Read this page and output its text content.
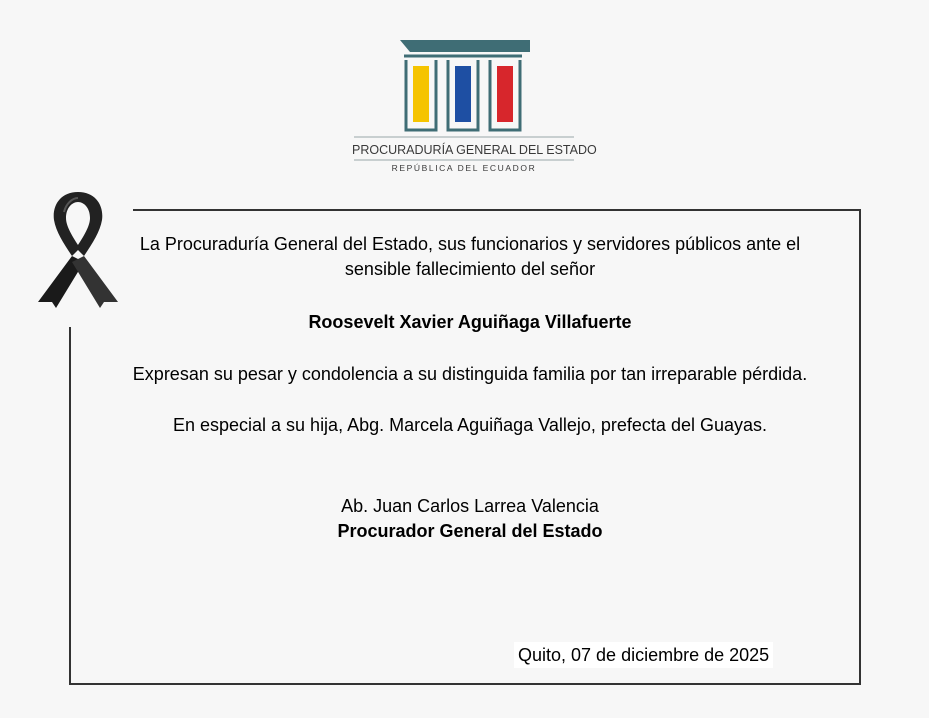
PROCURADURÍA GENERAL DEL ESTADO
REPÚBLICA DEL ECUADOR

La Procuraduría General del Estado, sus funcionarios y servidores públicos ante el sensible fallecimiento del señor

Roosevelt Xavier Aguiñaga Villafuerte

Expresan su pesar y condolencia a su distinguida familia por tan irreparable pérdida.

En especial a su hija, Abg. Marcela Aguiñaga Vallejo, prefecta del Guayas.

Ab. Juan Carlos Larrea Valencia

Procurador General del Estado

Quito, 07 de diciembre de 2025
